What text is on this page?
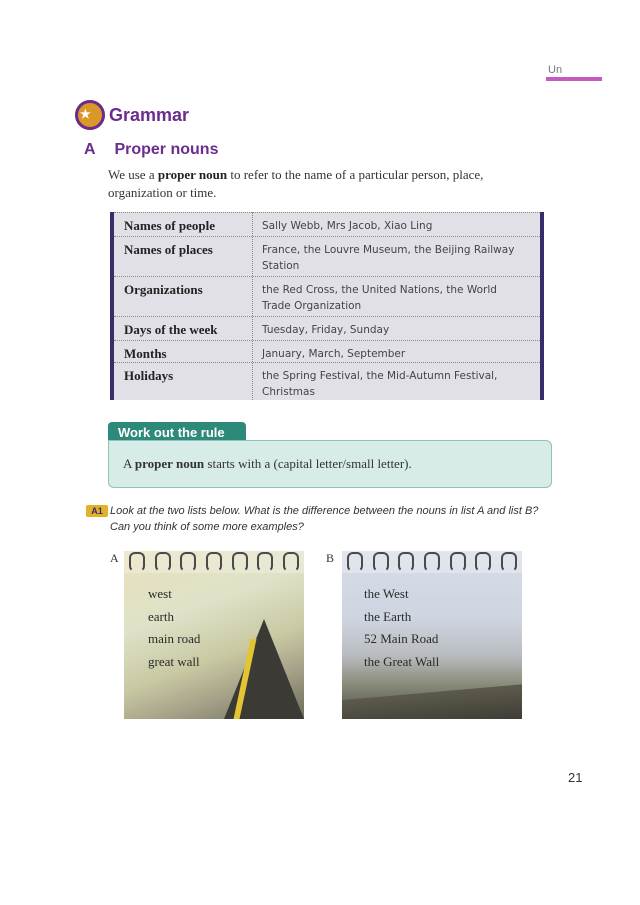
Un
★ Grammar
A Proper nouns

We use a proper noun to refer to the name of a particular person, place, organization or time.

Names of people	Sally Webb, Mrs Jacob, Xiao Ling
Names of places	France, the Louvre Museum, the Beijing Railway Station
Organizations	the Red Cross, the United Nations, the World Trade Organization
Days of the week	Tuesday, Friday, Sunday
Months	January, March, September
Holidays	the Spring Festival, the Mid-Autumn Festival, Christmas
Work out the rule

A proper noun starts with a (capital letter/small letter).

A1 Look at the two lists below. What is the difference between the nouns in list A and list B? Can you think of some more examples?
A
west
earth
main road
great wall
B
the West
the Earth
52 Main Road
the Great Wall
21
